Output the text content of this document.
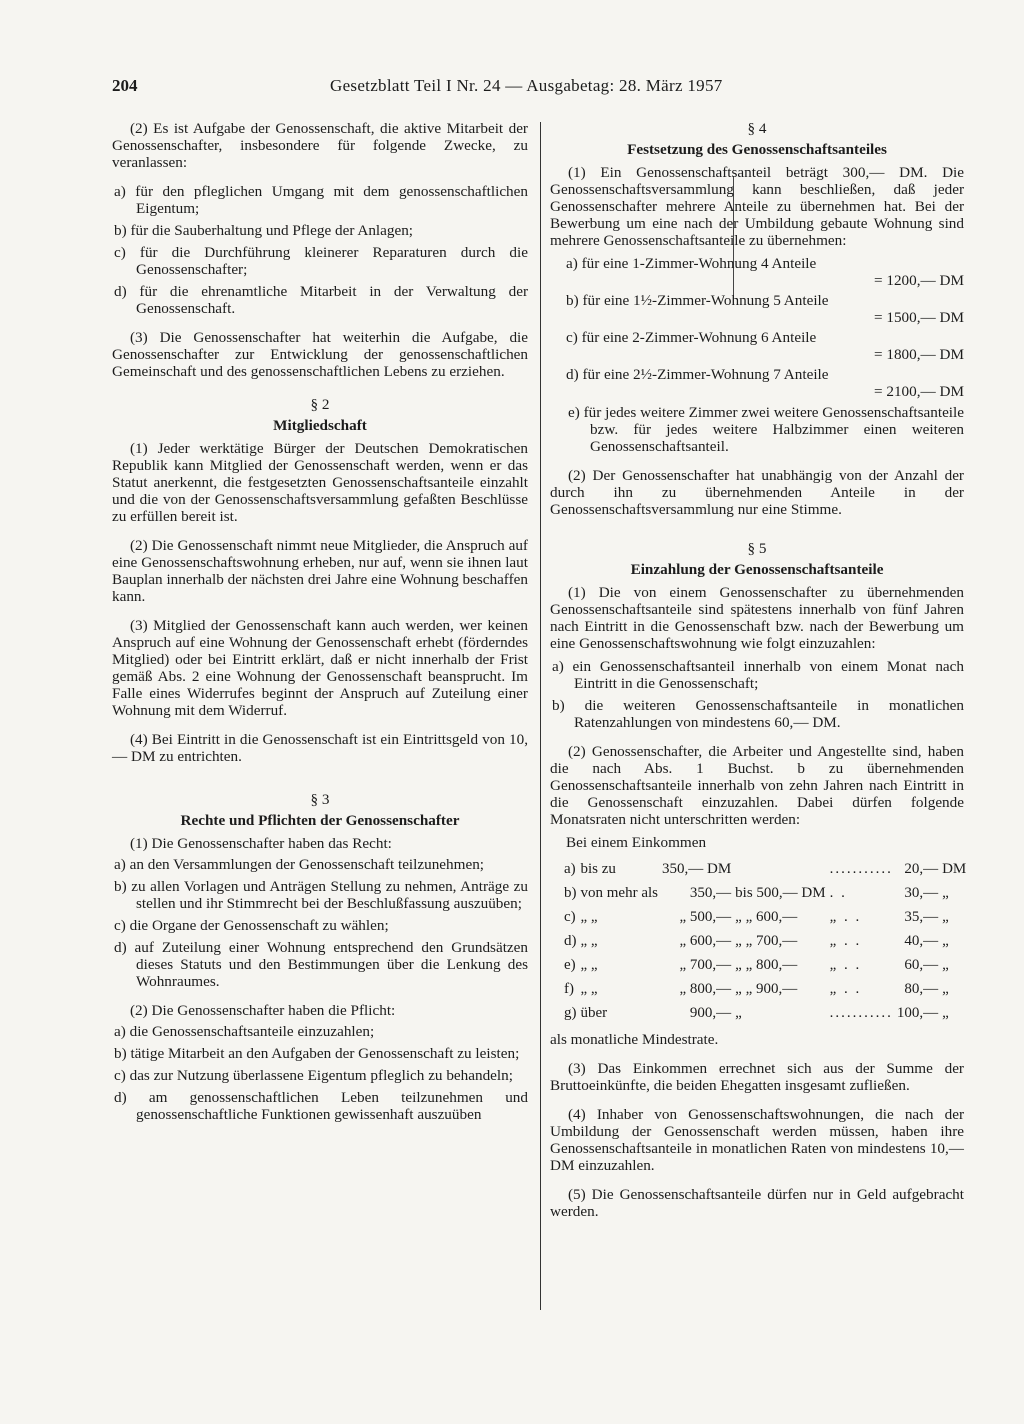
204	Gesetzblatt Teil I Nr. 24 — Ausgabetag: 28. März 1957

(2) Es ist Aufgabe der Genossenschaft, die aktive Mitarbeit der Genossenschafter, insbesondere für folgende Zwecke, zu veranlassen:

a) für den pfleglichen Umgang mit dem genossenschaftlichen Eigentum;

b) für die Sauberhaltung und Pflege der Anlagen;

c) für die Durchführung kleinerer Reparaturen durch die Genossenschafter;

d) für die ehrenamtliche Mitarbeit in der Verwaltung der Genossenschaft.

(3) Die Genossenschafter hat weiterhin die Aufgabe, die Genossenschafter zur Entwicklung der genossenschaftlichen Gemeinschaft und des genossenschaftlichen Lebens zu erziehen.

§ 2
Mitgliedschaft

(1) Jeder werktätige Bürger der Deutschen Demokratischen Republik kann Mitglied der Genossenschaft werden, wenn er das Statut anerkennt, die festgesetzten Genossenschaftsanteile einzahlt und die von der Genossenschaftsversammlung gefaßten Beschlüsse zu erfüllen bereit ist.

(2) Die Genossenschaft nimmt neue Mitglieder, die Anspruch auf eine Genossenschaftswohnung erheben, nur auf, wenn sie ihnen laut Bauplan innerhalb der nächsten drei Jahre eine Wohnung beschaffen kann.

(3) Mitglied der Genossenschaft kann auch werden, wer keinen Anspruch auf eine Wohnung der Genossenschaft erhebt (förderndes Mitglied) oder bei Eintritt erklärt, daß er nicht innerhalb der Frist gemäß Abs. 2 eine Wohnung der Genossenschaft beansprucht. Im Falle eines Widerrufes beginnt der Anspruch auf Zuteilung einer Wohnung mit dem Widerruf.

(4) Bei Eintritt in die Genossenschaft ist ein Eintrittsgeld von 10,— DM zu entrichten.

§ 3
Rechte und Pflichten der Genossenschafter

(1) Die Genossenschafter haben das Recht:

a) an den Versammlungen der Genossenschaft teilzunehmen;

b) zu allen Vorlagen und Anträgen Stellung zu nehmen, Anträge zu stellen und ihr Stimmrecht bei der Beschlußfassung auszuüben;

c) die Organe der Genossenschaft zu wählen;

d) auf Zuteilung einer Wohnung entsprechend den Grundsätzen dieses Statuts und den Bestimmungen über die Lenkung des Wohnraumes.

(2) Die Genossenschafter haben die Pflicht:

a) die Genossenschaftsanteile einzuzahlen;

b) tätige Mitarbeit an den Aufgaben der Genossenschaft zu leisten;

c) das zur Nutzung überlassene Eigentum pfleglich zu behandeln;

d) am genossenschaftlichen Leben teilzunehmen und genossenschaftliche Funktionen gewissenhaft auszuüben

§ 4
Festsetzung des Genossenschaftsanteiles

(1) Ein Genossenschaftsanteil beträgt 300,— DM. Die Genossenschaftsversammlung kann beschließen, daß jeder Genossenschafter mehrere Anteile zu übernehmen hat. Bei der Bewerbung um eine nach der Umbildung gebaute Wohnung sind mehrere Genossenschaftsanteile zu übernehmen:

a) für eine 1-Zimmer-Wohnung 4 Anteile
= 1200,— DM
b) für eine 1½-Zimmer-Wohnung 5 Anteile
= 1500,— DM
c) für eine 2-Zimmer-Wohnung 6 Anteile
= 1800,— DM
d) für eine 2½-Zimmer-Wohnung 7 Anteile
= 2100,— DM

e) für jedes weitere Zimmer zwei weitere Genossenschaftsanteile bzw. für jedes weitere Halbzimmer einen weiteren Genossenschaftsanteil.

(2) Der Genossenschafter hat unabhängig von der Anzahl der durch ihn zu übernehmenden Anteile in der Genossenschaftsversammlung nur eine Stimme.

§ 5
Einzahlung der Genossenschaftsanteile

(1) Die von einem Genossenschafter zu übernehmenden Genossenschaftsanteile sind spätestens innerhalb von fünf Jahren nach Eintritt in die Genossenschaft bzw. nach der Bewerbung um eine Genossenschaftswohnung wie folgt einzuzahlen:

a) ein Genossenschaftsanteil innerhalb von einem Monat nach Eintritt in die Genossenschaft;

b) die weiteren Genossenschaftsanteile in monatlichen Ratenzahlungen von mindestens 60,— DM.

(2) Genossenschafter, die Arbeiter und Angestellte sind, haben die nach Abs. 1 Buchst. b zu übernehmenden Genossenschaftsanteile innerhalb von zehn Jahren nach Eintritt in die Genossenschaft einzuzahlen. Dabei dürfen folgende Monatsraten nicht unterschritten werden:

Bei einem Einkommen
a)	bis zu	350,— DM		...........	20,—	DM
b)	von mehr als	350,—	bis 500,— DM	. .	30,—	„
c)	„ „	„ 500,—	„ „ 600,—	„ . .	35,—	„
d)	„ „	„ 600,—	„ „ 700,—	„ . .	40,—	„
e)	„ „	„ 700,—	„ „ 800,—	„ . .	60,—	„
f)	„ „	„ 800,—	„ „ 900,—	„ . .	80,—	„
g)	über	900,—	„	...........	100,—	„

als monatliche Mindestrate.

(3) Das Einkommen errechnet sich aus der Summe der Bruttoeinkünfte, die beiden Ehegatten insgesamt zufließen.

(4) Inhaber von Genossenschaftswohnungen, die nach der Umbildung der Genossenschaft werden müssen, haben ihre Genossenschaftsanteile in monatlichen Raten von mindestens 10,— DM einzuzahlen.

(5) Die Genossenschaftsanteile dürfen nur in Geld aufgebracht werden.
